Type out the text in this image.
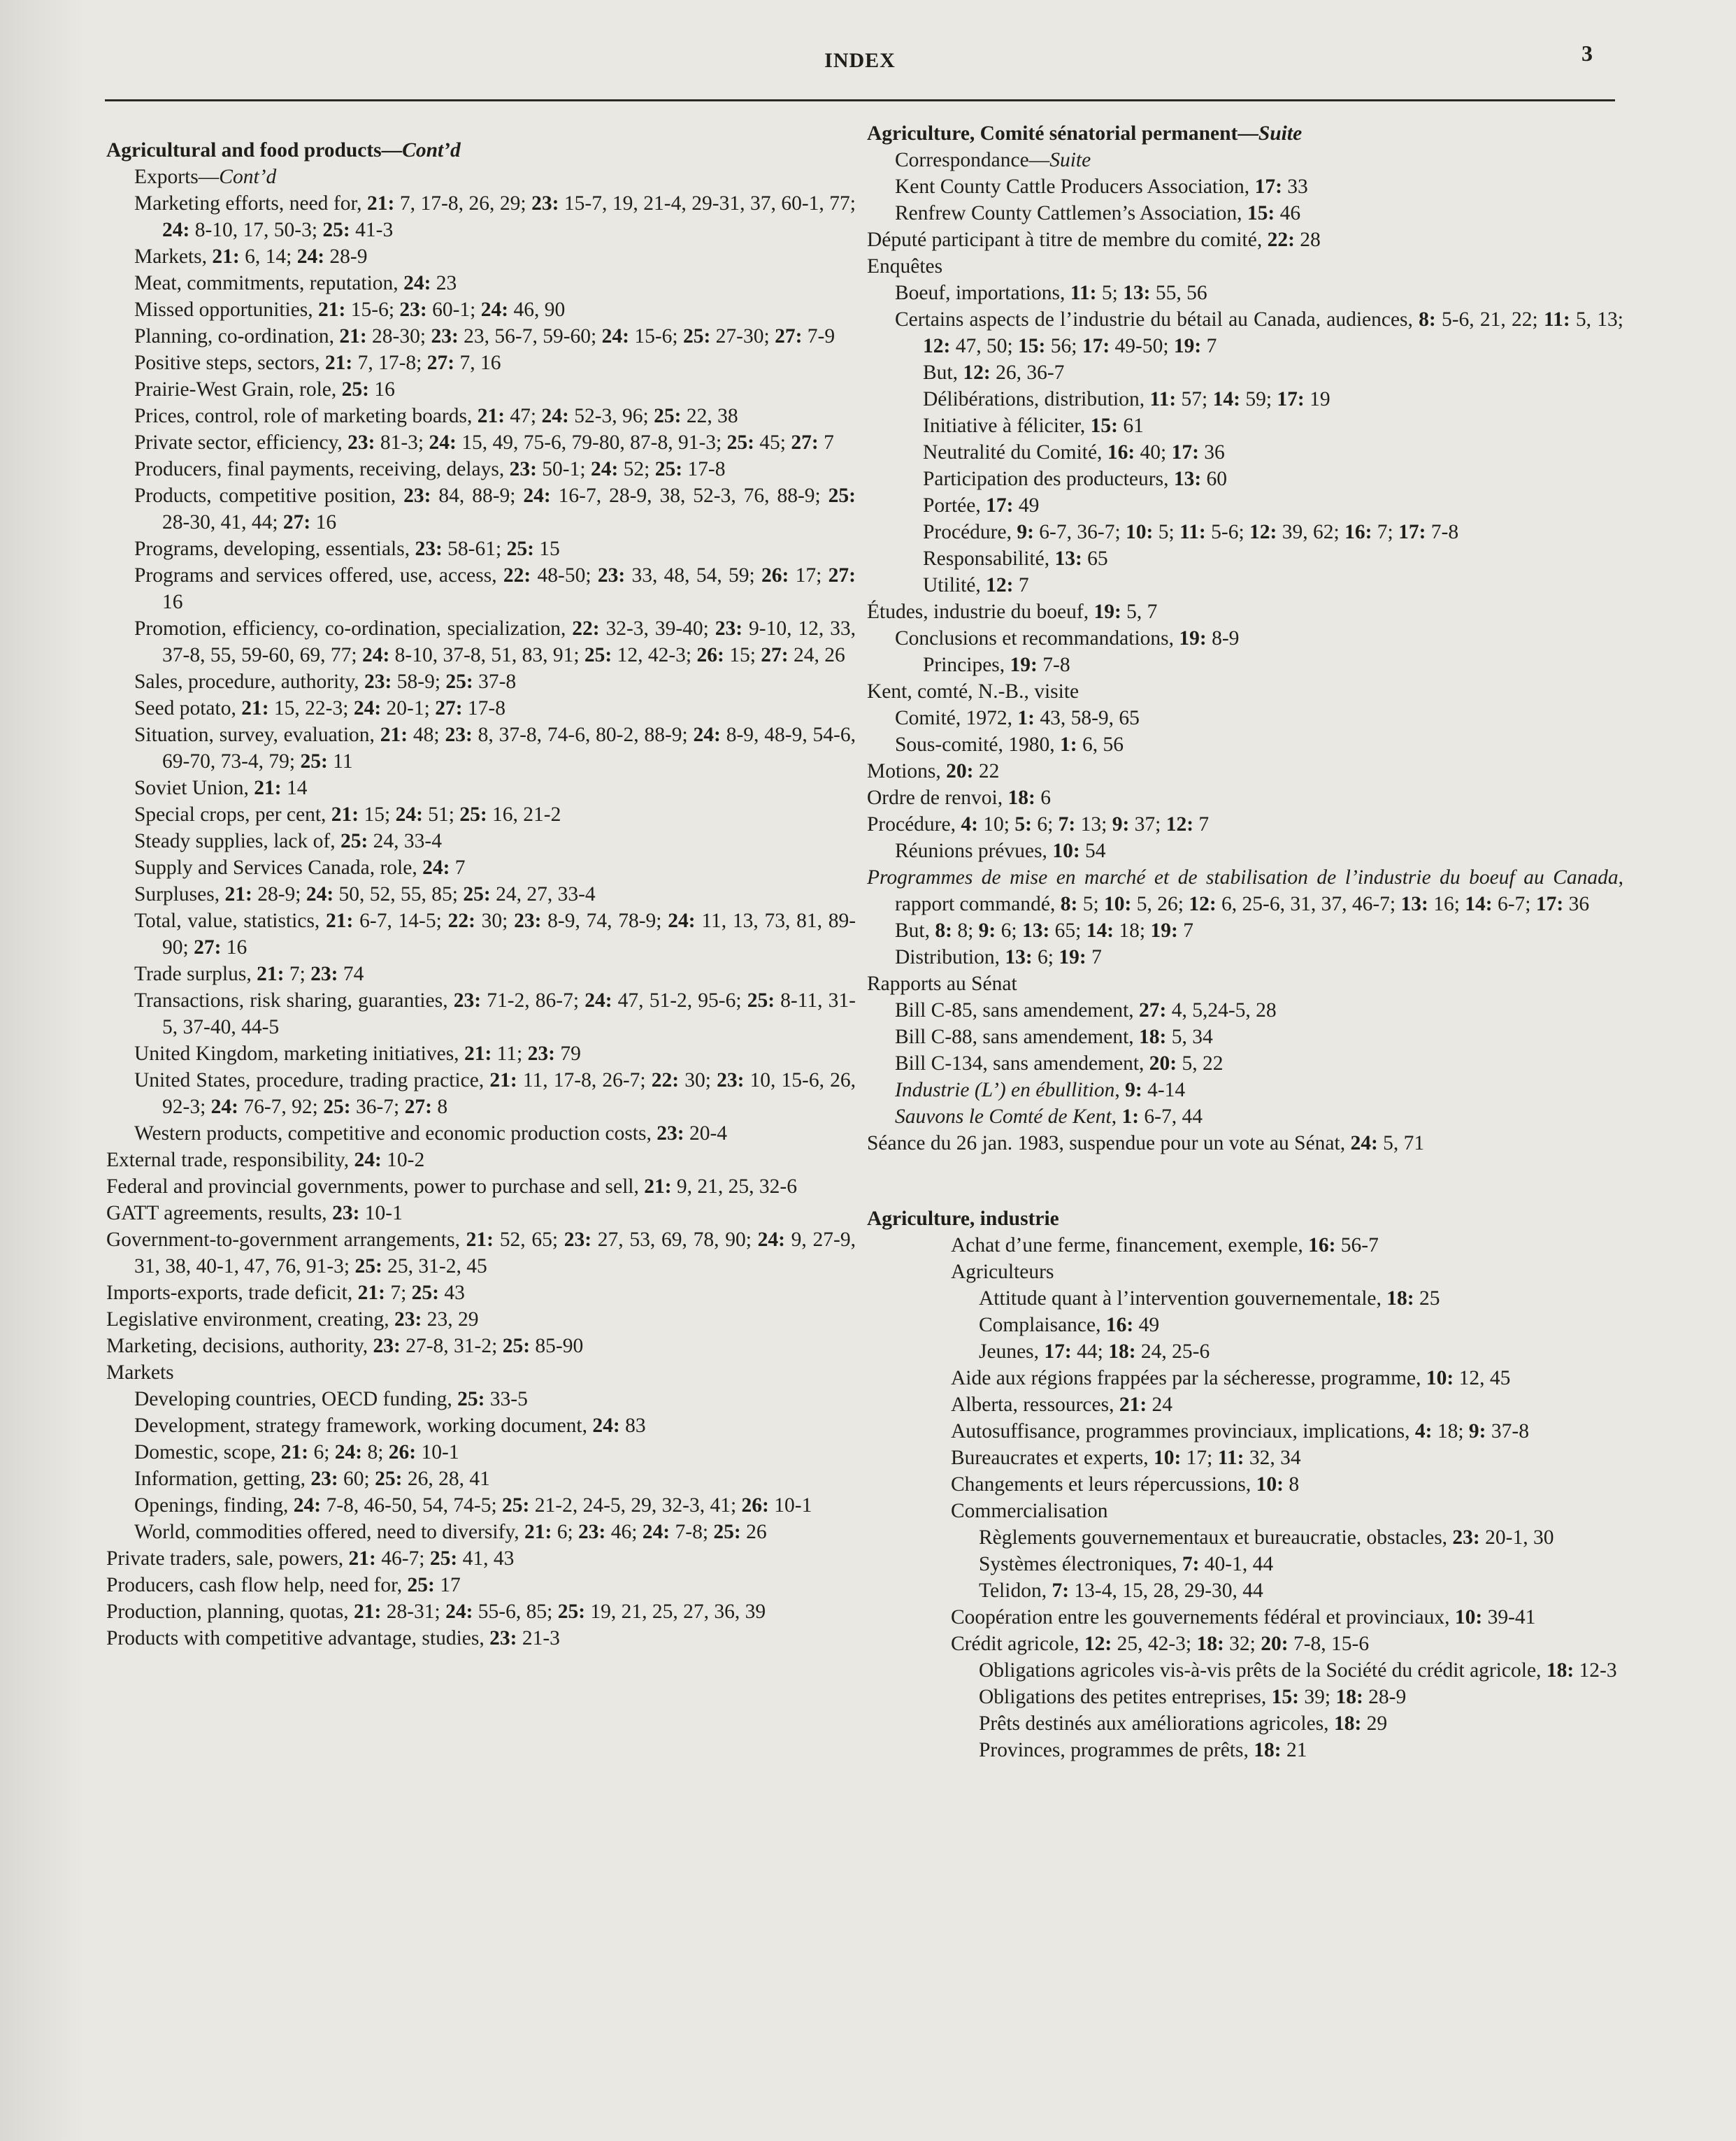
INDEX	3

Agricultural and food products—Cont’d

Exports—Cont’d

Marketing efforts, need for, 21: 7, 17-8, 26, 29; 23: 15-7, 19, 21-4, 29-31, 37, 60-1, 77; 24: 8-10, 17, 50-3; 25: 41-3

Markets, 21: 6, 14; 24: 28-9

Meat, commitments, reputation, 24: 23

Missed opportunities, 21: 15-6; 23: 60-1; 24: 46, 90

Planning, co-ordination, 21: 28-30; 23: 23, 56-7, 59-60; 24: 15-6; 25: 27-30; 27: 7-9

Positive steps, sectors, 21: 7, 17-8; 27: 7, 16

Prairie-West Grain, role, 25: 16

Prices, control, role of marketing boards, 21: 47; 24: 52-3, 96; 25: 22, 38

Private sector, efficiency, 23: 81-3; 24: 15, 49, 75-6, 79-80, 87-8, 91-3; 25: 45; 27: 7

Producers, final payments, receiving, delays, 23: 50-1; 24: 52; 25: 17-8

Products, competitive position, 23: 84, 88-9; 24: 16-7, 28-9, 38, 52-3, 76, 88-9; 25: 28-30, 41, 44; 27: 16

Programs, developing, essentials, 23: 58-61; 25: 15

Programs and services offered, use, access, 22: 48-50; 23: 33, 48, 54, 59; 26: 17; 27: 16

Promotion, efficiency, co-ordination, specialization, 22: 32-3, 39-40; 23: 9-10, 12, 33, 37-8, 55, 59-60, 69, 77; 24: 8-10, 37-8, 51, 83, 91; 25: 12, 42-3; 26: 15; 27: 24, 26

Sales, procedure, authority, 23: 58-9; 25: 37-8

Seed potato, 21: 15, 22-3; 24: 20-1; 27: 17-8

Situation, survey, evaluation, 21: 48; 23: 8, 37-8, 74-6, 80-2, 88-9; 24: 8-9, 48-9, 54-6, 69-70, 73-4, 79; 25: 11

Soviet Union, 21: 14

Special crops, per cent, 21: 15; 24: 51; 25: 16, 21-2

Steady supplies, lack of, 25: 24, 33-4

Supply and Services Canada, role, 24: 7

Surpluses, 21: 28-9; 24: 50, 52, 55, 85; 25: 24, 27, 33-4

Total, value, statistics, 21: 6-7, 14-5; 22: 30; 23: 8-9, 74, 78-9; 24: 11, 13, 73, 81, 89-90; 27: 16

Trade surplus, 21: 7; 23: 74

Transactions, risk sharing, guaranties, 23: 71-2, 86-7; 24: 47, 51-2, 95-6; 25: 8-11, 31-5, 37-40, 44-5

United Kingdom, marketing initiatives, 21: 11; 23: 79

United States, procedure, trading practice, 21: 11, 17-8, 26-7; 22: 30; 23: 10, 15-6, 26, 92-3; 24: 76-7, 92; 25: 36-7; 27: 8

Western products, competitive and economic production costs, 23: 20-4

External trade, responsibility, 24: 10-2

Federal and provincial governments, power to purchase and sell, 21: 9, 21, 25, 32-6

GATT agreements, results, 23: 10-1

Government-to-government arrangements, 21: 52, 65; 23: 27, 53, 69, 78, 90; 24: 9, 27-9, 31, 38, 40-1, 47, 76, 91-3; 25: 25, 31-2, 45

Imports-exports, trade deficit, 21: 7; 25: 43

Legislative environment, creating, 23: 23, 29

Marketing, decisions, authority, 23: 27-8, 31-2; 25: 85-90

Markets

Developing countries, OECD funding, 25: 33-5

Development, strategy framework, working document, 24: 83

Domestic, scope, 21: 6; 24: 8; 26: 10-1

Information, getting, 23: 60; 25: 26, 28, 41

Openings, finding, 24: 7-8, 46-50, 54, 74-5; 25: 21-2, 24-5, 29, 32-3, 41; 26: 10-1

World, commodities offered, need to diversify, 21: 6; 23: 46; 24: 7-8; 25: 26

Private traders, sale, powers, 21: 46-7; 25: 41, 43

Producers, cash flow help, need for, 25: 17

Production, planning, quotas, 21: 28-31; 24: 55-6, 85; 25: 19, 21, 25, 27, 36, 39

Products with competitive advantage, studies, 23: 21-3

Agriculture, Comité sénatorial permanent—Suite

Correspondance—Suite

Kent County Cattle Producers Association, 17: 33

Renfrew County Cattlemen’s Association, 15: 46

Député participant à titre de membre du comité, 22: 28

Enquêtes

Boeuf, importations, 11: 5; 13: 55, 56

Certains aspects de l’industrie du bétail au Canada, audiences, 8: 5-6, 21, 22; 11: 5, 13; 12: 47, 50; 15: 56; 17: 49-50; 19: 7

But, 12: 26, 36-7

Délibérations, distribution, 11: 57; 14: 59; 17: 19

Initiative à féliciter, 15: 61

Neutralité du Comité, 16: 40; 17: 36

Participation des producteurs, 13: 60

Portée, 17: 49

Procédure, 9: 6-7, 36-7; 10: 5; 11: 5-6; 12: 39, 62; 16: 7; 17: 7-8

Responsabilité, 13: 65

Utilité, 12: 7

Études, industrie du boeuf, 19: 5, 7

Conclusions et recommandations, 19: 8-9

Principes, 19: 7-8

Kent, comté, N.-B., visite

Comité, 1972, 1: 43, 58-9, 65

Sous-comité, 1980, 1: 6, 56

Motions, 20: 22

Ordre de renvoi, 18: 6

Procédure, 4: 10; 5: 6; 7: 13; 9: 37; 12: 7

Réunions prévues, 10: 54

Programmes de mise en marché et de stabilisation de l’industrie du boeuf au Canada, rapport commandé, 8: 5; 10: 5, 26; 12: 6, 25-6, 31, 37, 46-7; 13: 16; 14: 6-7; 17: 36

But, 8: 8; 9: 6; 13: 65; 14: 18; 19: 7

Distribution, 13: 6; 19: 7

Rapports au Sénat

Bill C-85, sans amendement, 27: 4, 5,24-5, 28

Bill C-88, sans amendement, 18: 5, 34

Bill C-134, sans amendement, 20: 5, 22

Industrie (L’) en ébullition, 9: 4-14

Sauvons le Comté de Kent, 1: 6-7, 44

Séance du 26 jan. 1983, suspendue pour un vote au Sénat, 24: 5, 71

Agriculture, industrie

Achat d’une ferme, financement, exemple, 16: 56-7

Agriculteurs

Attitude quant à l’intervention gouvernementale, 18: 25

Complaisance, 16: 49

Jeunes, 17: 44; 18: 24, 25-6

Aide aux régions frappées par la sécheresse, programme, 10: 12, 45

Alberta, ressources, 21: 24

Autosuffisance, programmes provinciaux, implications, 4: 18; 9: 37-8

Bureaucrates et experts, 10: 17; 11: 32, 34

Changements et leurs répercussions, 10: 8

Commercialisation

Règlements gouvernementaux et bureaucratie, obstacles, 23: 20-1, 30

Systèmes électroniques, 7: 40-1, 44

Telidon, 7: 13-4, 15, 28, 29-30, 44

Coopération entre les gouvernements fédéral et provinciaux, 10: 39-41

Crédit agricole, 12: 25, 42-3; 18: 32; 20: 7-8, 15-6

Obligations agricoles vis-à-vis prêts de la Société du crédit agricole, 18: 12-3

Obligations des petites entreprises, 15: 39; 18: 28-9

Prêts destinés aux améliorations agricoles, 18: 29

Provinces, programmes de prêts, 18: 21
